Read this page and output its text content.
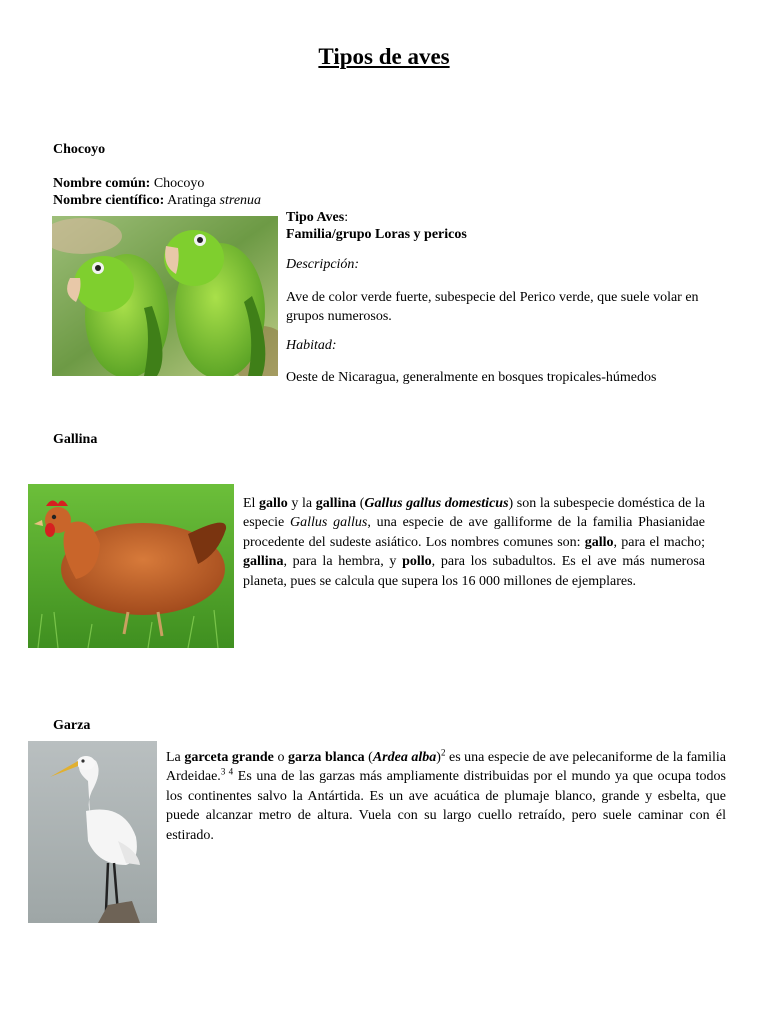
Tipos de aves
Chocoyo
Nombre común: Chocoyo
Nombre científico: Aratinga strenua
Tipo Aves:
Familia/grupo Loras y pericos
Descripción:
Ave de color verde fuerte, subespecie del Perico verde, que suele volar en grupos numerosos.
Habitad:
Oeste de Nicaragua, generalmente en bosques tropicales-húmedos
Gallina
El gallo y la gallina (Gallus gallus domesticus) son la subespecie doméstica de la especie Gallus gallus, una especie de ave galliforme de la familia Phasianidae procedente del sudeste asiático. Los nombres comunes son: gallo, para el macho; gallina, para la hembra, y pollo, para los subadultos. Es el ave más numerosa planeta, pues se calcula que supera los 16 000 millones de ejemplares.
Garza
La garceta grande o garza blanca (Ardea alba)$^2$ es una especie de ave pelecaniforme de la familia Ardeidae.$^{3 4}$ Es una de las garzas más ampliamente distribuidas por el mundo ya que ocupa todos los continentes salvo la Antártida. Es un ave acuática de plumaje blanco, grande y esbelta, que puede alcanzar metro de altura. Vuela con su largo cuello retraído, pero suele caminar con él estirado.
